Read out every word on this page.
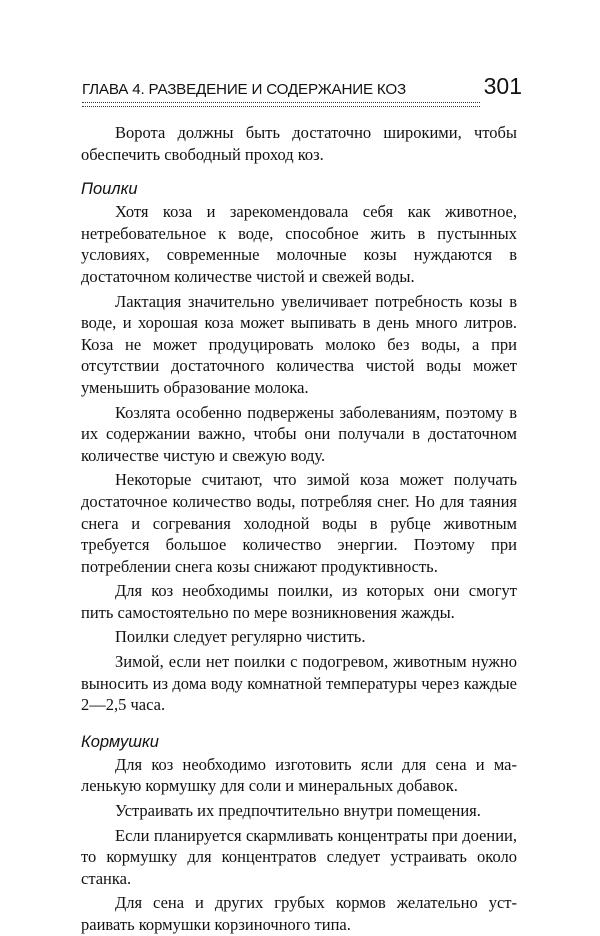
ГЛАВА 4. РАЗВЕДЕНИЕ И СОДЕРЖАНИЕ КОЗ	301

Ворота должны быть достаточно широкими, чтобы обеспечить свободный проход коз.

Поилки

Хотя коза и зарекомендовала себя как животное, нетребовательное к воде, способное жить в пустынных условиях, современные молочные козы нуждаются в достаточном количестве чистой и свежей воды.

Лактация значительно увеличивает потребность козы в воде, и хорошая коза может выпивать в день много литров. Коза не может продуцировать молоко без воды, а при отсутствии достаточного количества чистой воды может уменьшить образование молока.

Козлята особенно подвержены заболеваниям, поэтому в их содержании важно, чтобы они получали в достаточном количестве чистую и свежую воду.

Некоторые считают, что зимой коза может получать достаточное количество воды, потребляя снег. Но для таяния снега и согревания холодной воды в рубце животным требуется большое количество энергии. Поэтому при потреблении снега козы снижают продуктивность.

Для коз необходимы поилки, из которых они смогут пить самостоятельно по мере возникновения жажды.

Поилки следует регулярно чистить.

Зимой, если нет поилки с подогревом, животным нужно выносить из дома воду комнатной температуры через каждые 2—2,5 часа.

Кормушки

Для коз необходимо изготовить ясли для сена и маленькую кормушку для соли и минеральных добавок.

Устраивать их предпочтительно внутри помещения.

Если планируется скармливать концентраты при доении, то кормушку для концентратов следует устраивать около станка.

Для сена и других грубых кормов желательно устраивать кормушки корзиночного типа.
